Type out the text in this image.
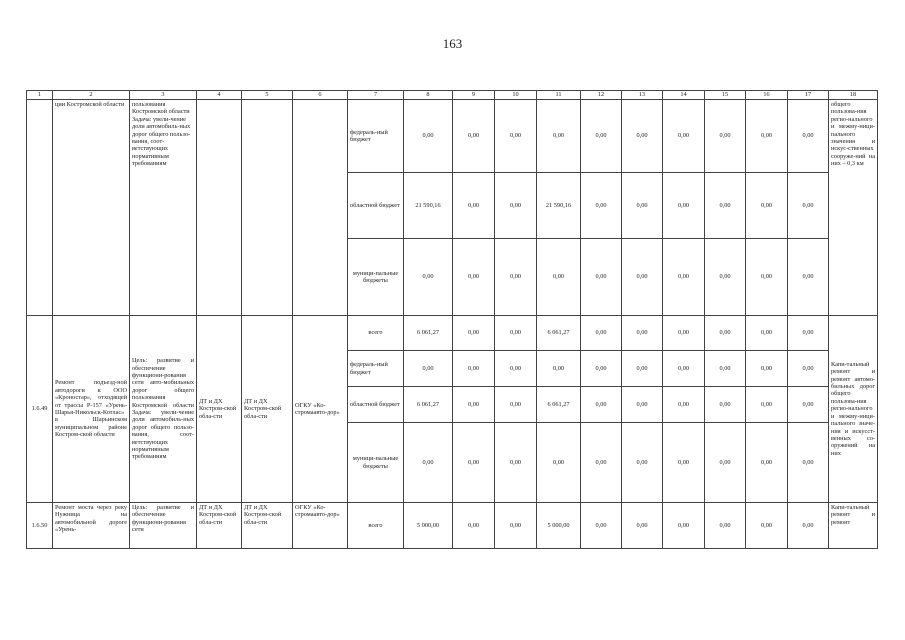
163
1	2	3	4	5	6	7	8	9	10	11	12	13	14	15	16	17	18
	ции Костромской области	пользования Костромской области Задача: увели-чение доли автомобиль-ных дорог общего пользо-вания, соот-ветствующих нормативным требованиям				федераль-ный бюджет	0,00	0,00	0,00	0,00	0,00	0,00	0,00	0,00	0,00	0,00	общего пользова-ния регио-нального и межму-ници-пального значения и искус-ственных сооруже-ний на них – 0,3 км
						областной бюджет	21 590,16	0,00	0,00	21 590,16	0,00	0,00	0,00	0,00	0,00	0,00	
						муници-пальные бюджеты	0,00	0,00	0,00	0,00	0,00	0,00	0,00	0,00	0,00	0,00	
1.6.49	Ремонт подъезд-ной автодороги к ООО «Кроностар», отходящей от трассы Р-157 «Урень-Шарья-Никольск-Котлас» в Шарьинском муниципальном районе Костром-ской области	Цель: развитие и обеспечение функциони-рования сети авто-мобильных дорог общего пользования Костромской области Задача: увели-чение доли автомобиль-ных дорог общего пользо-вания, соот-ветствующих нормативным требованиям	ДТ и ДХ Костром-ской обла-сти	ДТ и ДХ Костром-ской обла-сти	ОГКУ «Ко-стромаавто-дор»	всего	6 061,27	0,00	0,00	6 061,27	0,00	0,00	0,00	0,00	0,00	0,00	Капи-тальный ремонт и ремонт автомо-бильных дорог общего пользова-ния регио-нального и межму-ници-пального значе-ния и искусст-венных со-оружений на них
						федераль-ный бюджет	0,00	0,00	0,00	0,00	0,00	0,00	0,00	0,00	0,00	0,00	
						областной бюджет	6 061,27	0,00	0,00	6 061,27	0,00	0,00	0,00	0,00	0,00	0,00	
						муници-пальные бюджеты	0,00	0,00	0,00	0,00	0,00	0,00	0,00	0,00	0,00	0,00	
1.6.50	Ремонт моста через реку Нужница на автомобильной дороге «Урень-	Цель: развитие и обеспечение функциони-рования сети	ДТ и ДХ Костром-ской обла-сти	ДТ и ДХ Костром-ской обла-сти	ОГКУ «Ко-стромаавто-дор»	всего	5 000,00	0,00	0,00	5 000,00	0,00	0,00	0,00	0,00	0,00	0,00	Капи-тальный ремонт и ремонт
